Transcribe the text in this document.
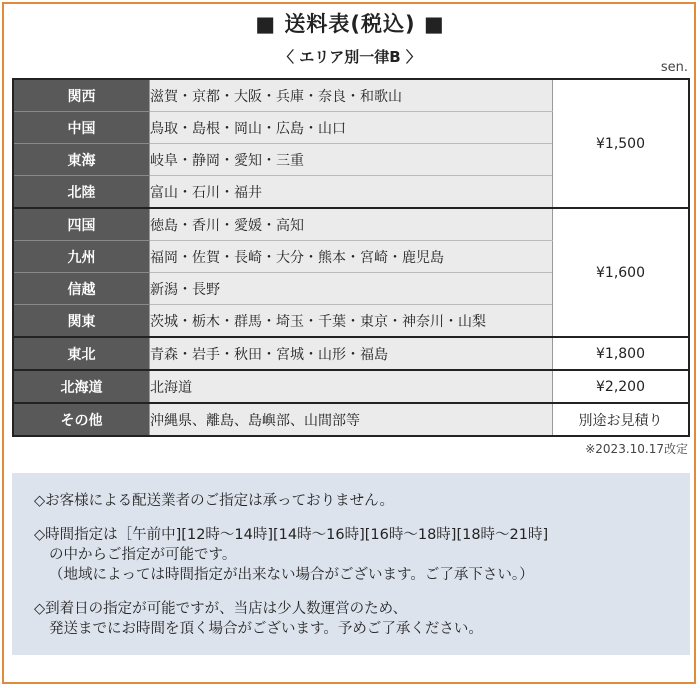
■ 送料表(税込) ■
〈 エリア別一律B 〉
sen.
関西	滋賀・京都・大阪・兵庫・奈良・和歌山	¥1,500
中国	鳥取・島根・岡山・広島・山口	
東海	岐阜・静岡・愛知・三重	
北陸	富山・石川・福井	
四国	徳島・香川・愛媛・高知	¥1,600
九州	福岡・佐賀・長崎・大分・熊本・宮崎・鹿児島	
信越	新潟・長野	
関東	茨城・栃木・群馬・埼玉・千葉・東京・神奈川・山梨	
東北	青森・岩手・秋田・宮城・山形・福島	¥1,800
北海道	北海道	¥2,200
その他	沖縄県、離島、島嶼部、山間部等	別途お見積り
※2023.10.17改定
◇お客様による配送業者のご指定は承っておりません。
◇時間指定は［午前中][12時～14時][14時～16時][16時～18時][18時～21時]
の中からご指定が可能です。
（地域によっては時間指定が出来ない場合がございます。ご了承下さい。）
◇到着日の指定が可能ですが、当店は少人数運営のため、
発送までにお時間を頂く場合がございます。予めご了承ください。
